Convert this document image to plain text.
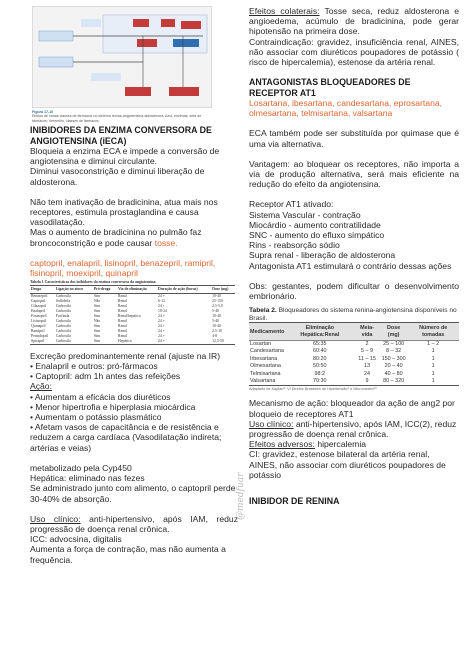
Figura 17-10
Efeitos de várias classes de fármacos no sistema renina-angiotensina-aldosterona. Azul, enzimas; seta de fármacos; Vermelho, classes de fármacos.

INIBIDORES DA ENZIMA CONVERSORA DE ANGIOTENSINA (iECA)

Bloqueia a enzima ECA e impede a conversão de angiotensina e diminui circulante.

Diminui vasoconstrição e diminui liberação de aldosterona.

Não tem inativação de bradicinina, atua mais nos receptores, estimula prostaglandina e causa vasodilatação.

Mas o aumento de bradicinina no pulmão faz broncoconstrição e pode causar tosse.

captopril, enalapril, lisinopril, benazepril, ramipril, fisinopril, moexipril, quinapril

Tabela 1 Características dos inibidores da enzima conversora da angiotensina.
Droga	Ligação no zinco	Pró-droga	Via de eliminação	Duração de ação (horas)	Dose (mg)
Benazepril	Carboxila	Sim	Renal	24 +	10-40
Captopril	Sulfidrila	Não	Renal	6-12	25-150
Cilazapril	Carboxila	Sim	Renal	24 +	2,5-5,0
Enalapril	Carboxila	Sim	Renal	18-24	5-40
Fosinopril	Fosfinila	Sim	Renal/hepática	24 +	10-40
Lisinopril	Carboxila	Não	Renal	24 +	5-40
Quinapril	Carboxila	Sim	Renal	24 +	10-40
Ramipril	Carboxila	Sim	Renal	24 +	2,5-10
Perindopril	Carboxila	Sim	Renal	24 +	4-8
Spirapril	Carboxila	Sim	Hepática	24 +	12,5-50

Excreção predominantemente renal (ajuste na IR)

• Enalapril e outros: pró-fármacos

• Captopril: adm 1h antes das refeições

Ação:

• Aumentam a eficácia dos diuréticos

• Menor hipertrofia e hiperplasia miocárdica

• Aumentam o potássio plasmático

• Afetam vasos de capacitância e de resistência e reduzem a carga cardíaca (Vasodilatação indireta; artérias e veias)

metabolizado pela Cyp450

Hepática: eliminado nas fezes

Se administrado junto com alimento, o captopril perde 30-40% de absorção.

Uso clínico: anti-hipertensivo, após IAM, reduz progressão de doença renal crônica.

ICC: advocsina, digitalis

Aumenta a força de contração, mas não aumenta a frequência.

Efeitos colaterais: Tosse seca, reduz aldosterona e angioedema, acúmulo de bradicinina, pode gerar hipotensão na primeira dose.

Contraindicação: gravidez, insuficiência renal, AINES, não associar com diuréticos poupadores de potássio ( risco de hipercalemia), estenose da artéria renal.

ANTAGONISTAS BLOQUEADORES DE RECEPTOR AT1

Losartana, ibesartana, candesartana, eprosartana, olmesartana, telmisartana, valsartana

ECA também pode ser substituída por quimase que é uma via alternativa.

Vantagem: ao bloquear os receptores, não importa a via de produção alternativa, será mais eficiente na redução do efeito da angiotensina.

Receptor AT1 ativado:

Sistema Vascular - contração

Miocárdio - aumento contratilidade

SNC - aumento do efluxo simpático

Rins - reabsorção sódio

Supra renal - liberação de aldosterona

Antagonista AT1 estimulará o contrário dessas ações

Obs: gestantes, podem dificultar o desenvolvimento embrionário.

Tabela 2. Bloqueadores do sistema renina-angiotensina disponíveis no Brasil.
Medicamento	Eliminação Hepática:Renal	Meia-vida	Dose (mg)	Número de tomadas
Losartan	65:35	2	25 – 100	1 – 2
Candesartana	60:40	5 – 9	8 – 32	1
Irbesartana	80:20	11 – 15	150 – 300	1
Olmesartana	50:50	13	20 – 40	1
Telmisartana	98:2	24	40 – 80	1
Valsartana	70:30	9	80 – 320	1
Adaptado de Kaplan⁸; VI Diretriz Brasileira de Hipertensão⁹ e Micromedex¹⁰

Mecanismo de ação: bloqueador da ação de ang2 por bloqueio de receptores AT1

Uso clínico: anti-hipertensivo, após IAM, ICC(2), reduz progressão de doença renal crônica.

Efeitos adversos: hipercalemia

CI: gravidez, estenose bilateral da artéria renal, AINES, não associar com diuréticos poupadores de potássio

INIBIDOR DE RENINA

@medfuar
